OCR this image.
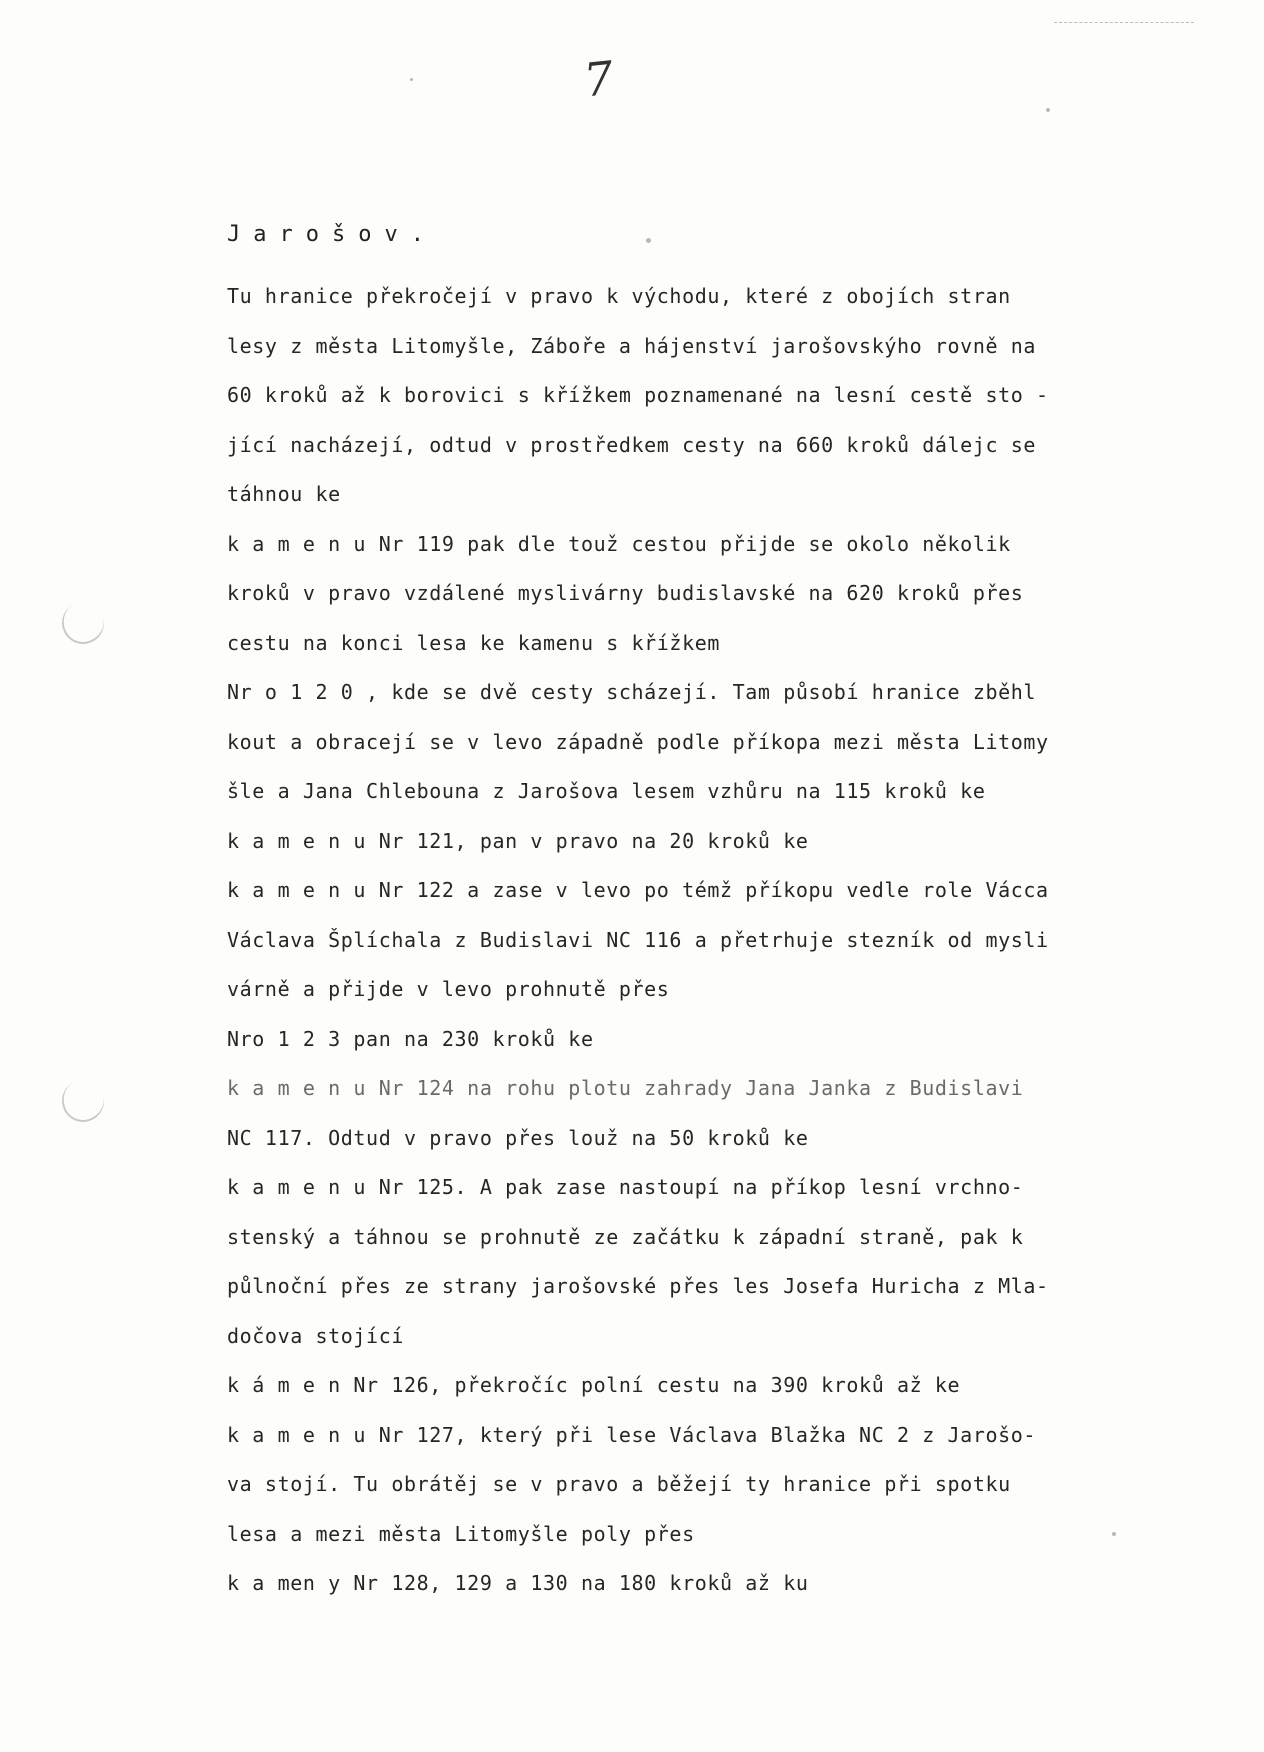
7
Jarošov.
Tu hranice překročejí v pravo k východu, které z obojích stran
lesy z města Litomyšle, Záboře a hájenství jarošovskýho rovně na
60 kroků až k borovici s křížkem poznamenané na lesní cestě sto -
jící nacházejí, odtud v prostředkem cesty na 660 kroků dálejc se
táhnou ke
k a m e n u Nr 119 pak dle touž cestou přijde se okolo několik
kroků v pravo vzdálené myslivárny budislavské na 620 kroků přes
cestu na konci lesa ke kamenu s křížkem
Nr o 1 2 0 , kde se dvě cesty scházejí. Tam působí hranice zběhl
kout a obracejí se v levo západně podle příkopa mezi města Litomy
šle a Jana Chlebouna z Jarošova lesem vzhůru na 115 kroků ke
k a m e n u Nr 121, pan v pravo na 20 kroků ke
k a m e n u Nr 122 a zase v levo po témž příkopu vedle role Vácca
Václava Šplíchala z Budislavi NC 116 a přetrhuje stezník od mysli
várně a přijde v levo prohnutě přes
Nro 1 2 3 pan na 230 kroků ke
k a m e n u Nr 124 na rohu plotu zahrady Jana Janka z Budislavi
NC 117. Odtud v pravo přes louž na 50 kroků ke
k a m e n u Nr 125. A pak zase nastoupí na příkop lesní vrchno-
stenský a táhnou se prohnutě ze začátku k západní straně, pak k
půlnoční přes ze strany jarošovské přes les Josefa Huricha z Mla-
dočova stojící
k á m e n Nr 126, překročíc polní cestu na 390 kroků až ke
k a m e n u Nr 127, který při lese Václava Blažka NC 2 z Jarošo-
va stojí. Tu obrátěj se v pravo a běžejí ty hranice při spotku
lesa a mezi města Litomyšle poly přes
k a men y Nr 128, 129 a 130 na 180 kroků až ku
